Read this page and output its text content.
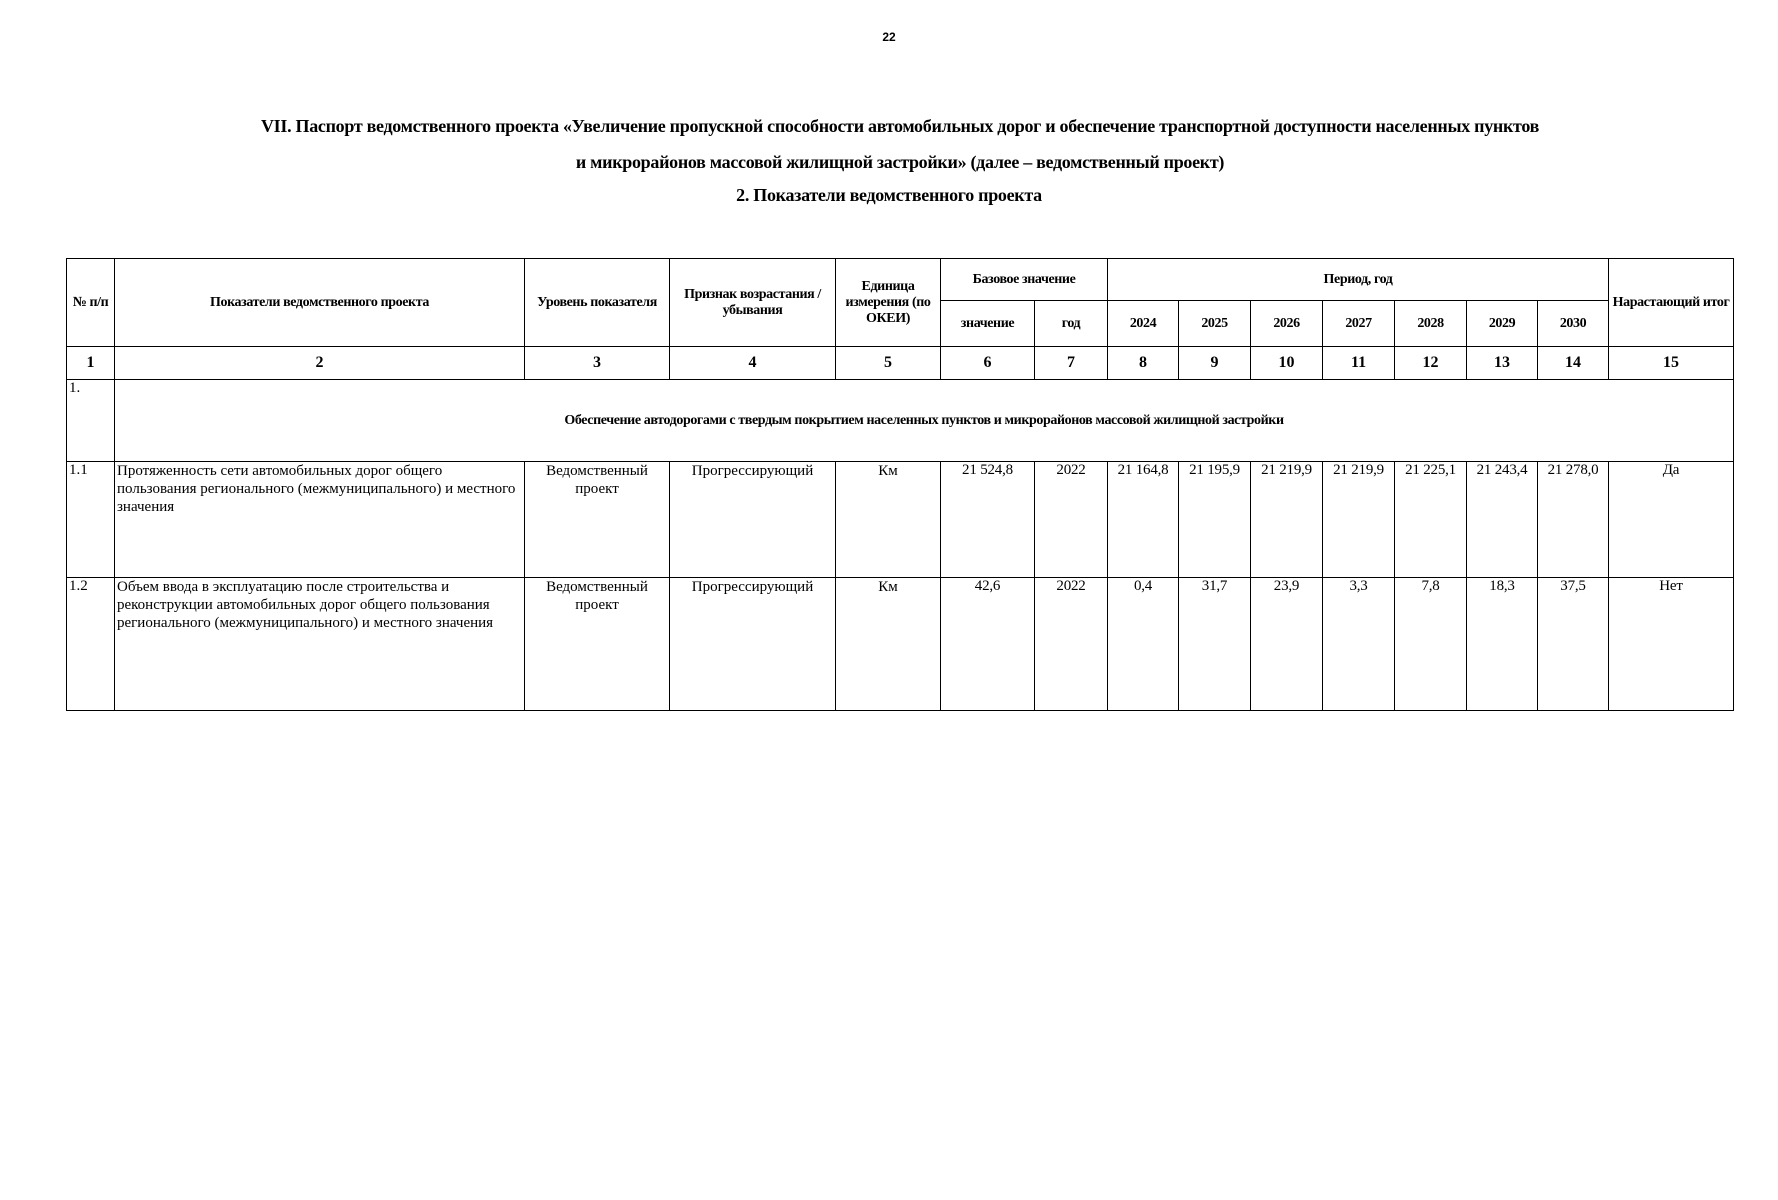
22
VII. Паспорт ведомственного проекта «Увеличение пропускной способности автомобильных дорог и обеспечение транспортной доступности населенных пунктов
и микрорайонов массовой жилищной застройки» (далее – ведомственный проект)
2. Показатели ведомственного проекта
№ п/п	Показатели ведомственного проекта	Уровень показателя	Признак возрастания / убывания	Единица измерения (по ОКЕИ)	Базовое значение		Период, год							Нарастающий итог
					значение	год	2024	2025	2026	2027	2028	2029	2030	
1	2	3	4	5	6	7	8	9	10	11	12	13	14	15
1.	Обеспечение автодорогами с твердым покрытием населенных пунктов и микрорайонов массовой жилищной застройки													
1.1	Протяженность сети автомобильных дорог общего пользования регионального (межмуниципального) и местного значения	Ведомственный проект	Прогрессирующий	Км	21 524,8	2022	21 164,8	21 195,9	21 219,9	21 219,9	21 225,1	21 243,4	21 278,0	Да
1.2	Объем ввода в эксплуатацию после строительства и реконструкции автомобильных дорог общего пользования регионального (межмуниципального) и местного значения	Ведомственный проект	Прогрессирующий	Км	42,6	2022	0,4	31,7	23,9	3,3	7,8	18,3	37,5	Нет
